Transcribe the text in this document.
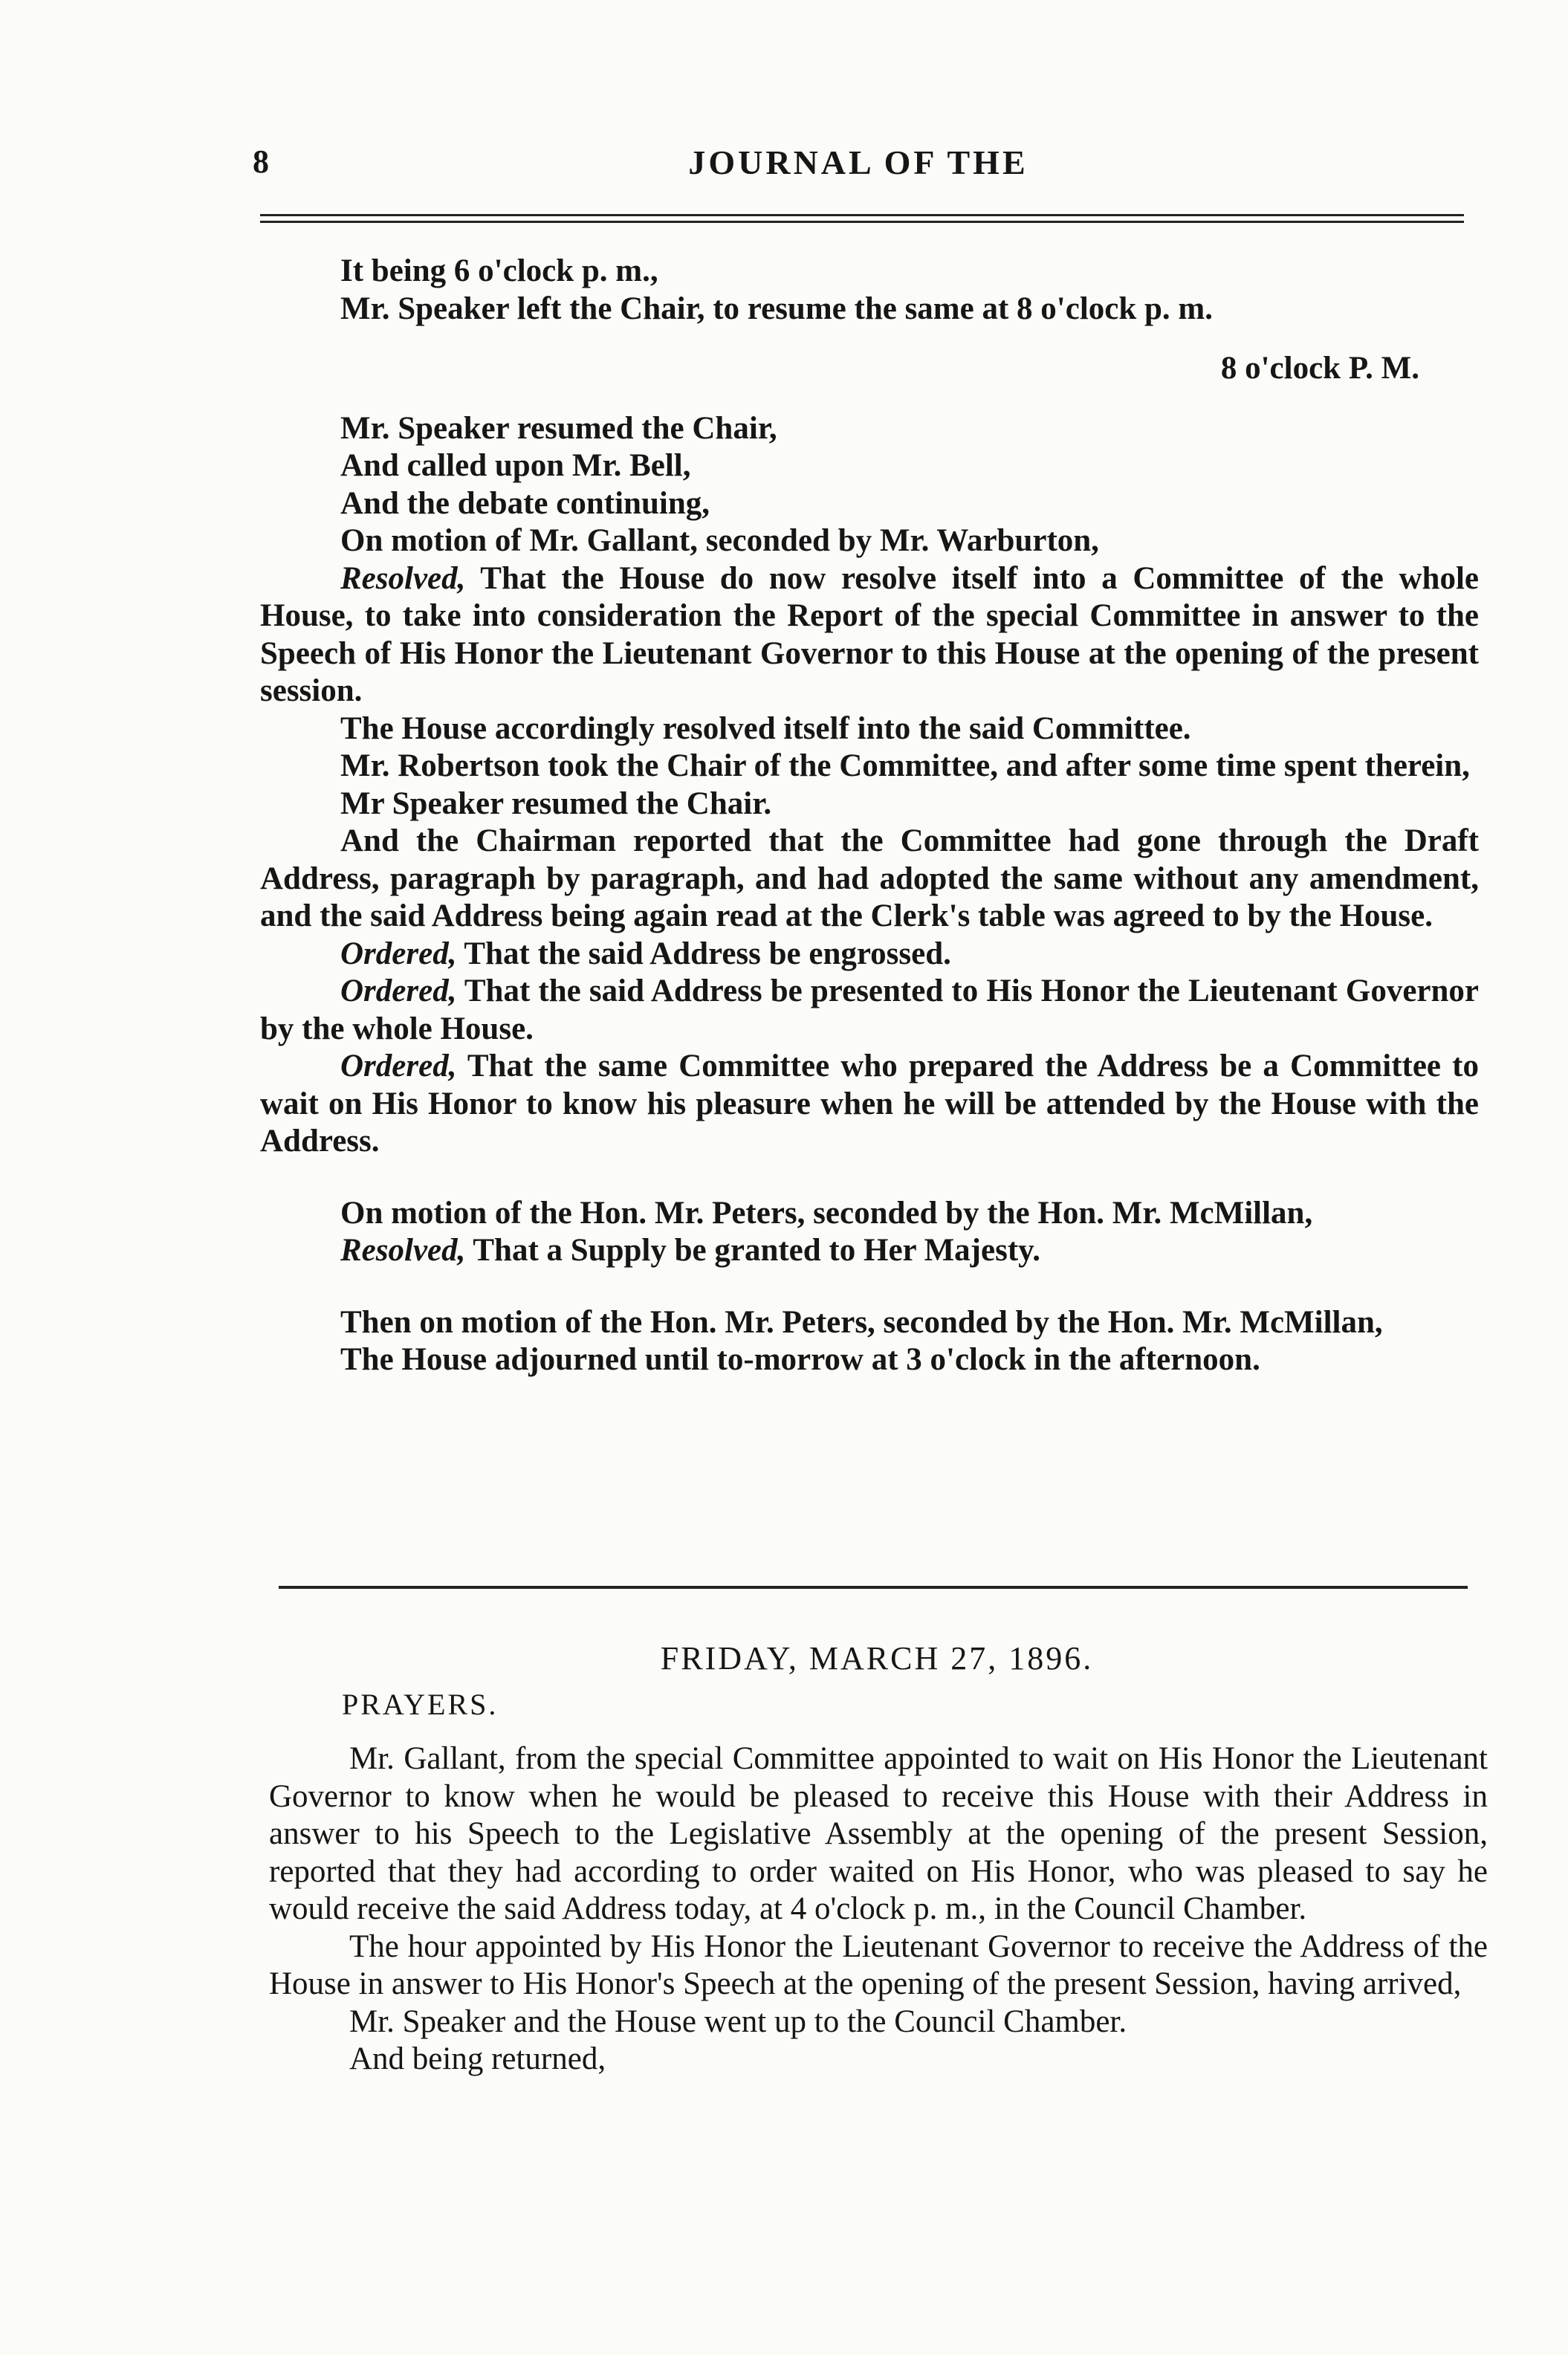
8	JOURNAL OF THE

It being 6 o'clock p. m.,

Mr. Speaker left the Chair, to resume the same at 8 o'clock p. m.

8 o'clock P. M.

Mr. Speaker resumed the Chair,

And called upon Mr. Bell,

And the debate continuing,

On motion of Mr. Gallant, seconded by Mr. Warburton,

Resolved, That the House do now resolve itself into a Committee of the whole House, to take into consideration the Report of the special Committee in answer to the Speech of His Honor the Lieutenant Governor to this House at the opening of the present session.

The House accordingly resolved itself into the said Committee.

Mr. Robertson took the Chair of the Committee, and after some time spent therein,

Mr Speaker resumed the Chair.

And the Chairman reported that the Committee had gone through the Draft Address, paragraph by paragraph, and had adopted the same without any amendment, and the said Address being again read at the Clerk's table was agreed to by the House.

Ordered, That the said Address be engrossed.

Ordered, That the said Address be presented to His Honor the Lieutenant Governor by the whole House.

Ordered, That the same Committee who prepared the Address be a Committee to wait on His Honor to know his pleasure when he will be attended by the House with the Address.

On motion of the Hon. Mr. Peters, seconded by the Hon. Mr. McMillan,

Resolved, That a Supply be granted to Her Majesty.

Then on motion of the Hon. Mr. Peters, seconded by the Hon. Mr. McMillan,

The House adjourned until to-morrow at 3 o'clock in the afternoon.

FRIDAY, MARCH 27, 1896.
PRAYERS.

Mr. Gallant, from the special Committee appointed to wait on His Honor the Lieutenant Governor to know when he would be pleased to receive this House with their Address in answer to his Speech to the Legislative Assembly at the opening of the present Session, reported that they had according to order waited on His Honor, who was pleased to say he would receive the said Address today, at 4 o'clock p. m., in the Council Chamber.

The hour appointed by His Honor the Lieutenant Governor to receive the Address of the House in answer to His Honor's Speech at the opening of the present Session, having arrived,

Mr. Speaker and the House went up to the Council Chamber.

And being returned,
